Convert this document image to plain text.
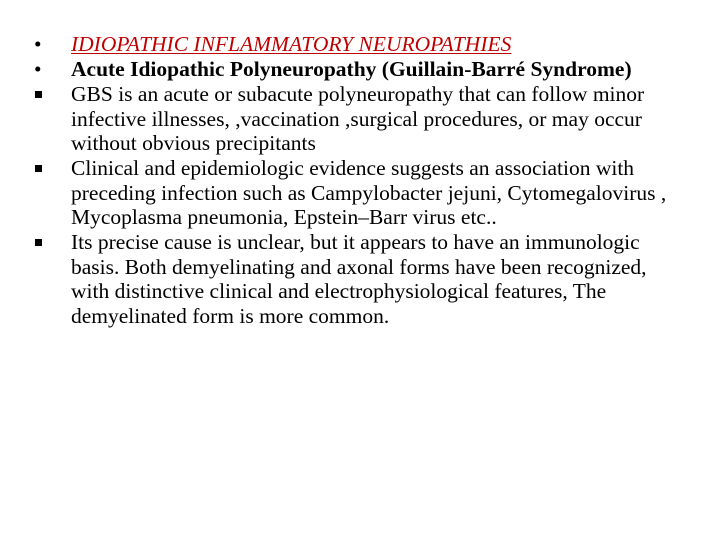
•	IDIOPATHIC INFLAMMATORY NEUROPATHIES
•	Acute Idiopathic Polyneuropathy (Guillain-Barré Syndrome)
GBS is an acute or subacute polyneuropathy that can follow minor infective illnesses, ,vaccination ,surgical procedures, or may occur without obvious precipitants
Clinical and epidemiologic evidence suggests an association with preceding infection such as Campylobacter jejuni, Cytomegalovirus , Mycoplasma pneumonia, Epstein–Barr virus etc..
Its precise cause is unclear, but it appears to have an immunologic basis. Both demyelinating and axonal forms have been recognized, with distinctive clinical and electrophysiological features, The demyelinated form is more common.
